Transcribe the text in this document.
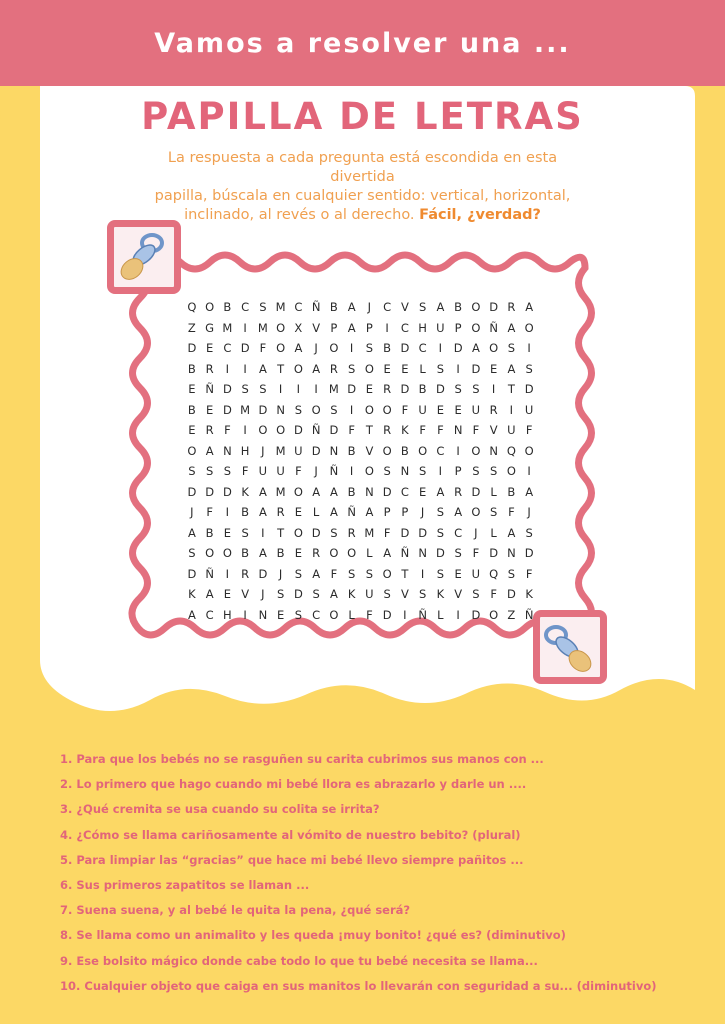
Vamos a resolver una ...
PAPILLA DE LETRAS
La respuesta a cada pregunta está escondida en esta divertida
papilla, búscala en cualquier sentido: vertical, horizontal,
inclinado, al revés o al derecho. Fácil, ¿verdad?
Q O B C S M C Ñ B A	J	C V S A B O D R A
Z G M I M O X V P A P	I	C H U P O Ñ A O
D E C D F O A	J	O	I	S B D C	I	D A O S	I
B R	I	I	A T O A R S O E E L S	I	D E A S
E Ñ D S S	I	I	I M D E R D B D S S	I	T D
B E D M D N S O S	I	O O F U E E U R	I	U
E R F	I	O O D Ñ D F T R K F F N F V U F
O A N H	J M U D N B V O B O C	I	O N Q O
S S S F U U F	J	Ñ	I	O S N S	I	P S S O	I
D D D K A M O A A B N D C E A R D L B A
J	F	I	B A R E L A Ñ A P P	J	S A O S F	J
A B E S	I	T O D S R M F D D S C	J	L A S
S O O B A B E R O O L A Ñ N D S F D N D
D Ñ	I	R D	J	S A F S S O T	I	S E U Q S F
K A E V	J	S D S A K U S V S K V S F D K
A C H	I	N E S C O L F D	I	Ñ L	I	D O Z Ñ
1. Para que los bebés no se rasguñen su carita cubrimos sus manos con ...
2. Lo primero que hago cuando mi bebé llora es abrazarlo y darle un ....
3. ¿Qué cremita se usa cuando su colita se irrita?
4. ¿Cómo se llama cariñosamente al vómito de nuestro bebito? (plural)
5. Para limpiar las “gracias” que hace mi bebé llevo siempre pañitos ...
6. Sus primeros zapatitos se llaman ...
7. Suena suena, y al bebé le quita la pena, ¿qué será?
8. Se llama como un animalito y les queda ¡muy bonito! ¿qué es? (diminutivo)
9. Ese bolsito mágico donde cabe todo lo que tu bebé necesita se llama...
10. Cualquier objeto que caiga en sus manitos lo llevarán con seguridad a su... (diminutivo)
